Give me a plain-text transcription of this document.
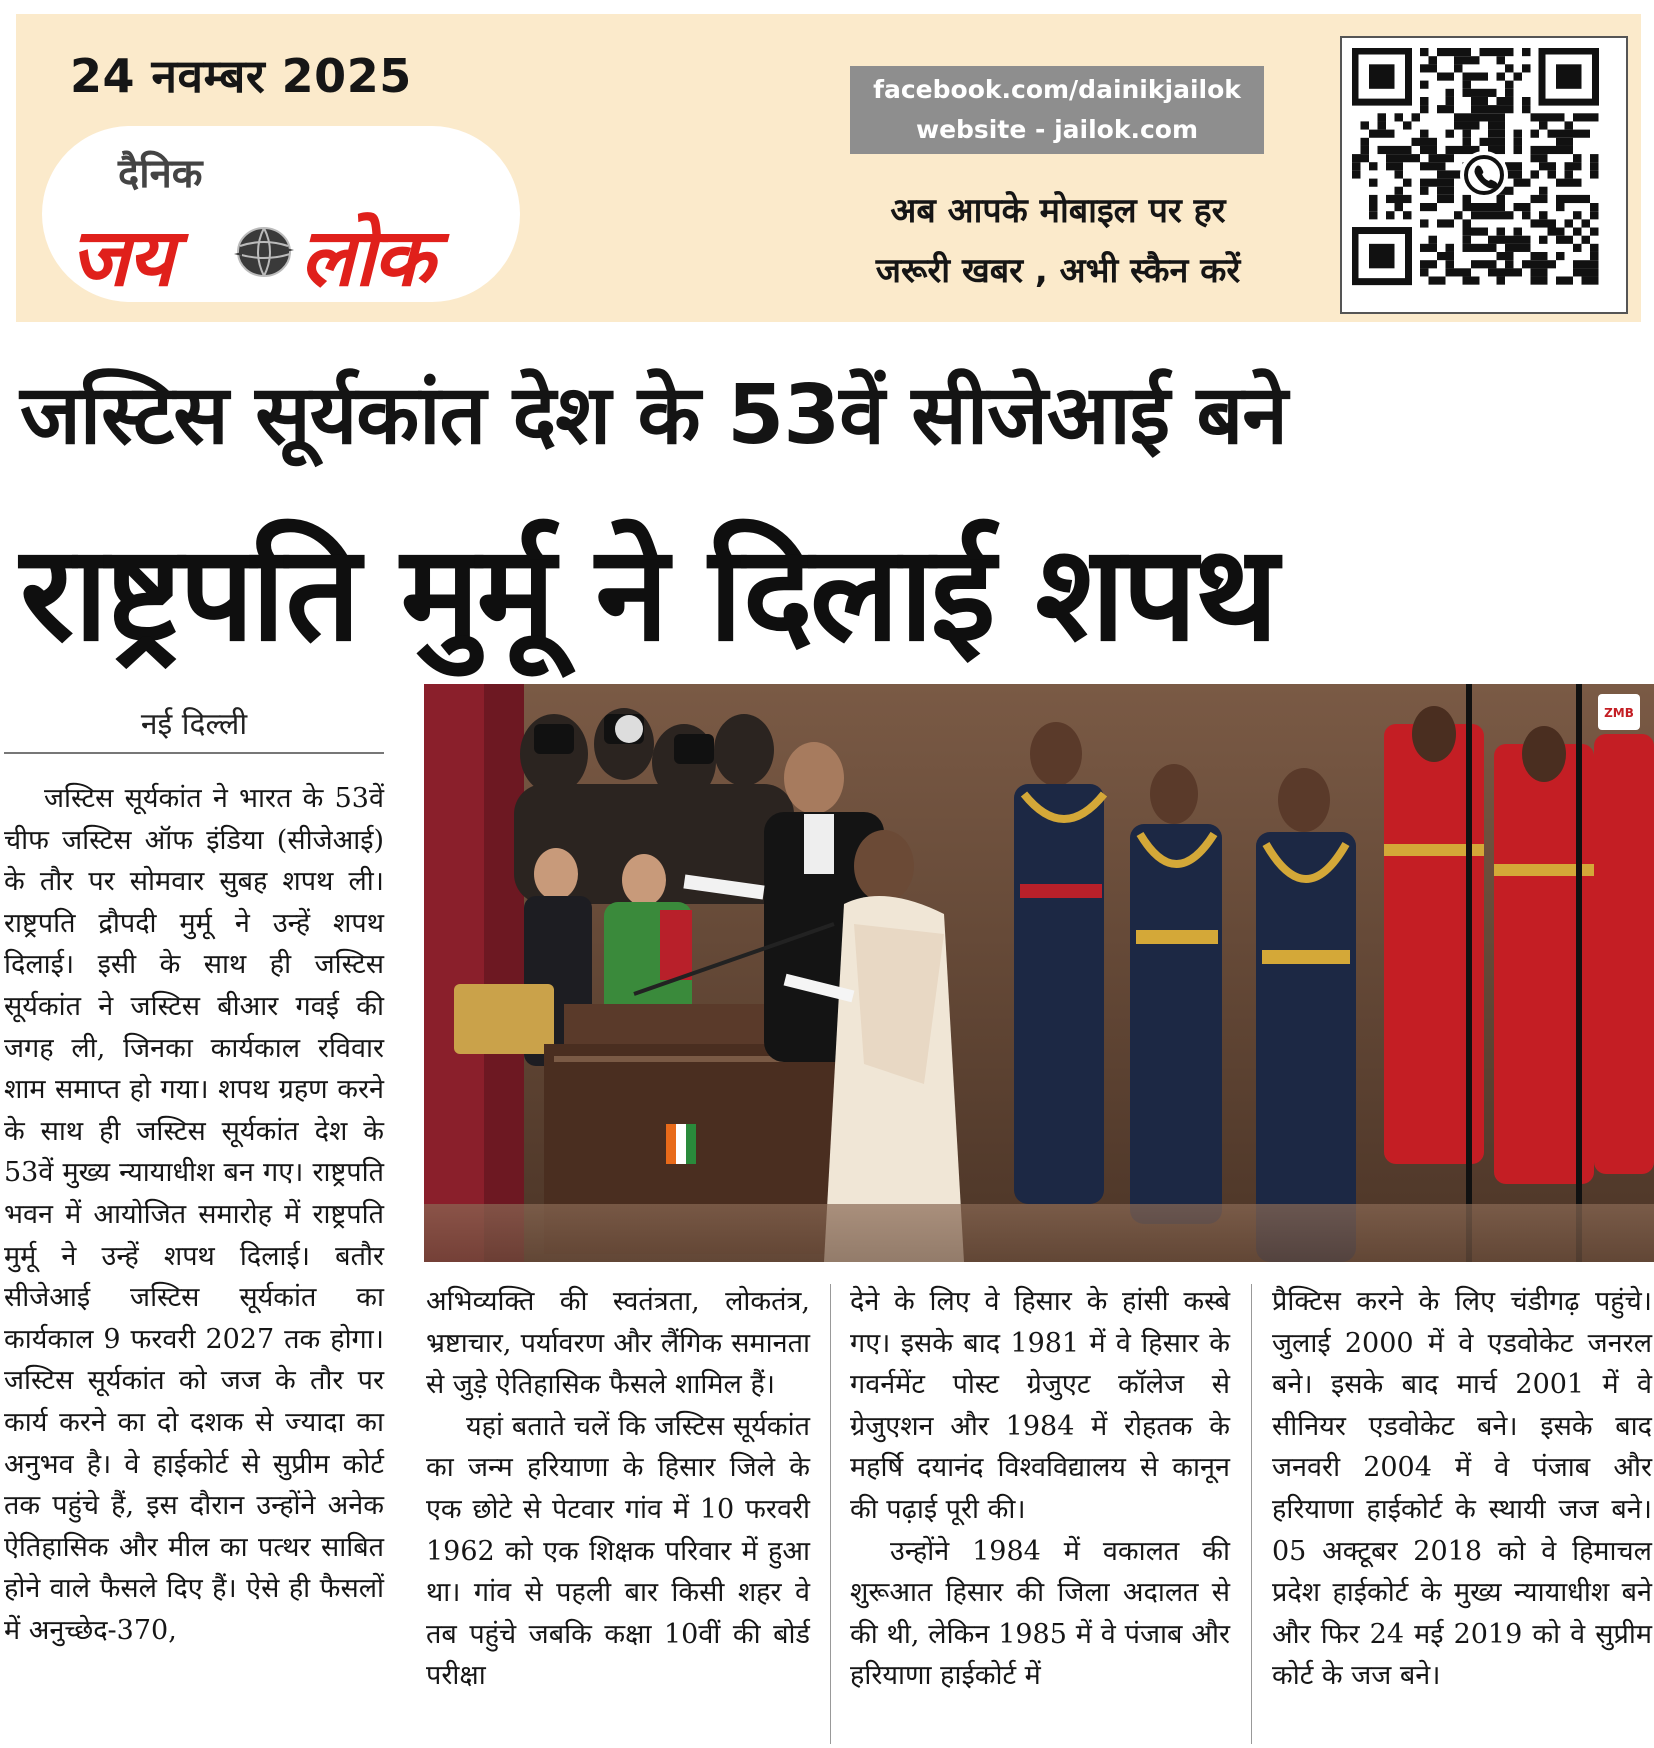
24 नवम्बर 2025
दैनिक
जय लोक
facebook.com/dainikjailok
website - jailok.com
अब आपके मोबाइल पर हर
जरूरी खबर , अभी स्कैन करें
जस्टिस सूर्यकांत देश के 53वें सीजेआई बने
राष्ट्रपति मुर्मू ने दिलाई शपथ
नई दिल्ली	ZMB

जस्टिस सूर्यकांत ने भारत के 53वें चीफ जस्टिस ऑफ इंडिया (सीजेआई) के तौर पर सोमवार सुबह शपथ ली। राष्ट्रपति द्रौपदी मुर्मू ने उन्हें शपथ दिलाई। इसी के साथ ही जस्टिस सूर्यकांत ने जस्टिस बीआर गवई की जगह ली, जिनका कार्यकाल रविवार शाम समाप्त हो गया। शपथ ग्रहण करने के साथ ही जस्टिस सूर्यकांत देश के 53वें मुख्य न्यायाधीश बन गए। राष्ट्रपति भवन में आयोजित समारोह में राष्ट्रपति मुर्मू ने उन्हें शपथ दिलाई। बतौर सीजेआई जस्टिस सूर्यकांत का कार्यकाल 9 फरवरी 2027 तक होगा। जस्टिस सूर्यकांत को जज के तौर पर कार्य करने का दो दशक से ज्यादा का अनुभव है। वे हाईकोर्ट से सुप्रीम कोर्ट तक पहुंचे हैं, इस दौरान उन्होंने अनेक ऐतिहासिक और मील का पत्थर साबित होने वाले फैसले दिए हैं। ऐसे ही फैसलों में अनुच्छेद-370,

अभिव्यक्ति की स्वतंत्रता, लोकतंत्र, भ्रष्टाचार, पर्यावरण और लैंगिक समानता से जुड़े ऐतिहासिक फैसले शामिल हैं।

यहां बताते चलें कि जस्टिस सूर्यकांत का जन्म हरियाणा के हिसार जिले के एक छोटे से पेटवार गांव में 10 फरवरी 1962 को एक शिक्षक परिवार में हुआ था। गांव से पहली बार किसी शहर वे तब पहुंचे जबकि कक्षा 10वीं की बोर्ड परीक्षा

देने के लिए वे हिसार के हांसी कस्बे गए। इसके बाद 1981 में वे हिसार के गवर्नमेंट पोस्ट ग्रेजुएट कॉलेज से ग्रेजुएशन और 1984 में रोहतक के महर्षि दयानंद विश्वविद्यालय से कानून की पढ़ाई पूरी की।

उन्होंने 1984 में वकालत की शुरूआत हिसार की जिला अदालत से की थी, लेकिन 1985 में वे पंजाब और हरियाणा हाईकोर्ट में

प्रैक्टिस करने के लिए चंडीगढ़ पहुंचे। जुलाई 2000 में वे एडवोकेट जनरल बने। इसके बाद मार्च 2001 में वे सीनियर एडवोकेट बने। इसके बाद जनवरी 2004 में वे पंजाब और हरियाणा हाईकोर्ट के स्थायी जज बने। 05 अक्टूबर 2018 को वे हिमाचल प्रदेश हाईकोर्ट के मुख्य न्यायाधीश बने और फिर 24 मई 2019 को वे सुप्रीम कोर्ट के जज बने।
